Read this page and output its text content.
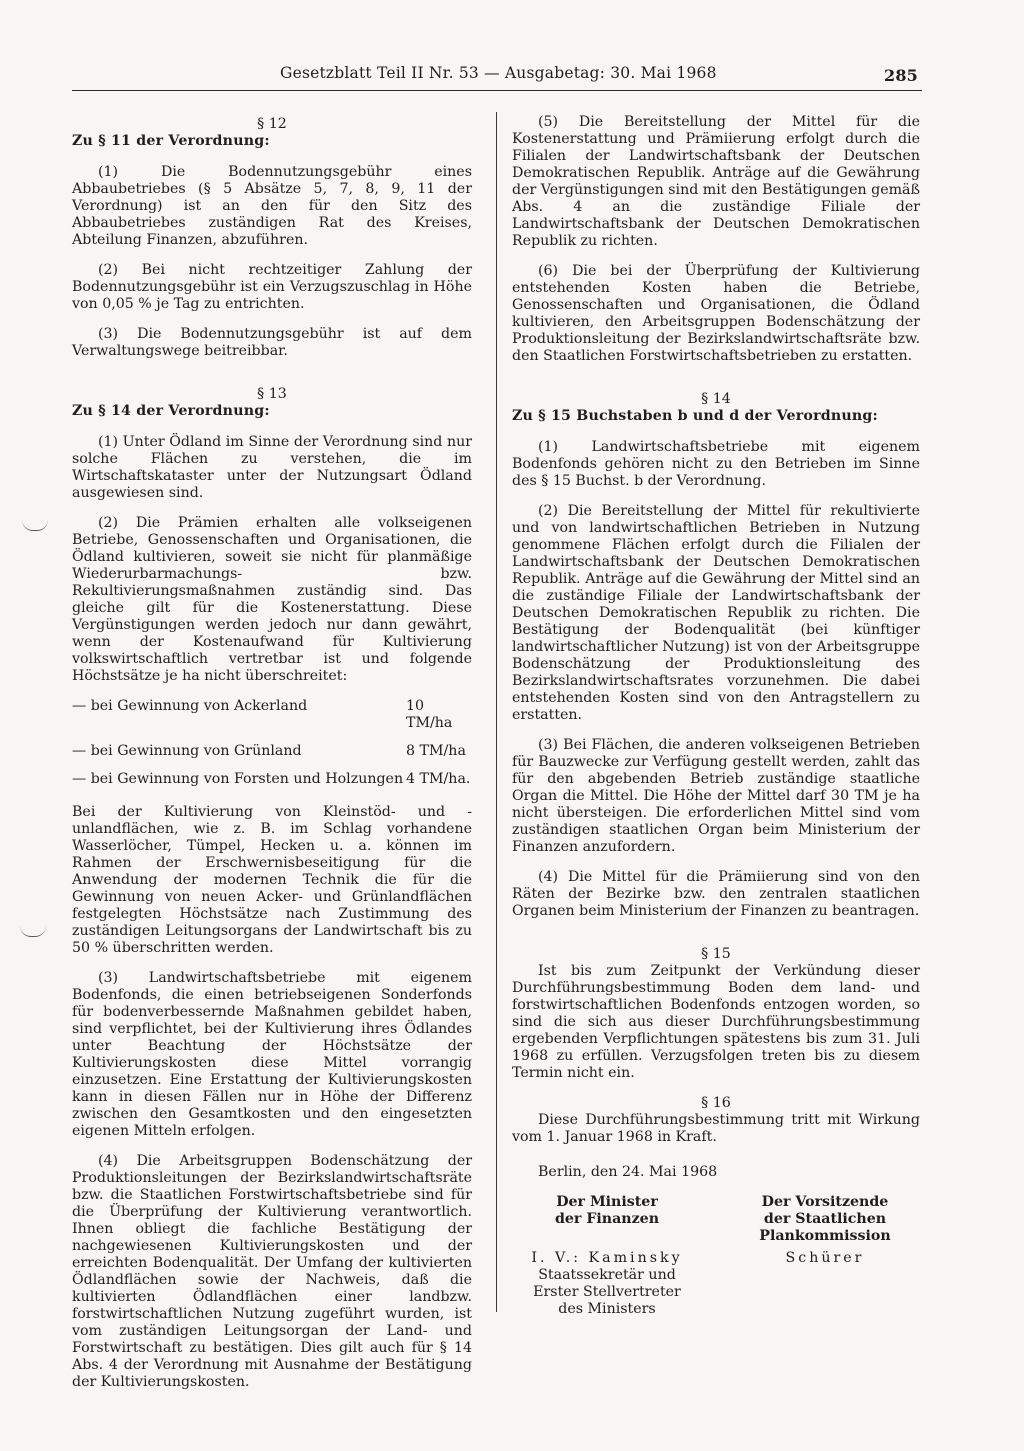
Gesetzblatt Teil II Nr. 53 — Ausgabetag: 30. Mai 1968	285
§ 12
Zu § 11 der Verordnung:

(1) Die Bodennutzungsgebühr eines Abbaubetriebes (§ 5 Absätze 5, 7, 8, 9, 11 der Verordnung) ist an den für den Sitz des Abbaubetriebes zuständigen Rat des Kreises, Abteilung Finanzen, abzuführen.

(2) Bei nicht rechtzeitiger Zahlung der Bodennutzungsgebühr ist ein Verzugszuschlag in Höhe von 0,05 % je Tag zu entrichten.

(3) Die Bodennutzungsgebühr ist auf dem Verwaltungswege beitreibbar.

§ 13
Zu § 14 der Verordnung:

(1) Unter Ödland im Sinne der Verordnung sind nur solche Flächen zu verstehen, die im Wirtschaftskataster unter der Nutzungsart Ödland ausgewiesen sind.

(2) Die Prämien erhalten alle volkseigenen Betriebe, Genossenschaften und Organisationen, die Ödland kultivieren, soweit sie nicht für planmäßige Wiederurbarmachungs- bzw. Rekultivierungsmaßnahmen zuständig sind. Das gleiche gilt für die Kostenerstattung. Diese Vergünstigungen werden jedoch nur dann gewährt, wenn der Kostenaufwand für Kultivierung volkswirtschaftlich vertretbar ist und folgende Höchstsätze je ha nicht überschreitet:

— bei Gewinnung von Ackerland	10 TM/ha
— bei Gewinnung von Grünland	8 TM/ha
— bei Gewinnung von Forsten und Holzungen 4 TM/ha.

Bei der Kultivierung von Kleinstöd- und -unlandflächen, wie z. B. im Schlag vorhandene Wasserlöcher, Tümpel, Hecken u. a. können im Rahmen der Erschwernisbeseitigung für die Anwendung der modernen Technik die für die Gewinnung von neuen Acker- und Grünlandflächen festgelegten Höchstsätze nach Zustimmung des zuständigen Leitungsorgans der Landwirtschaft bis zu 50 % überschritten werden.

(3) Landwirtschaftsbetriebe mit eigenem Bodenfonds, die einen betriebseigenen Sonderfonds für bodenverbessernde Maßnahmen gebildet haben, sind verpflichtet, bei der Kultivierung ihres Ödlandes unter Beachtung der Höchstsätze der Kultivierungskosten diese Mittel vorrangig einzusetzen. Eine Erstattung der Kultivierungskosten kann in diesen Fällen nur in Höhe der Differenz zwischen den Gesamtkosten und den eingesetzten eigenen Mitteln erfolgen.

(4) Die Arbeitsgruppen Bodenschätzung der Produktionsleitungen der Bezirkslandwirtschaftsräte bzw. die Staatlichen Forstwirtschaftsbetriebe sind für die Überprüfung der Kultivierung verantwortlich. Ihnen obliegt die fachliche Bestätigung der nachgewiesenen Kultivierungskosten und der erreichten Bodenqualität. Der Umfang der kultivierten Ödlandflächen sowie der Nachweis, daß die kultivierten Ödlandflächen einer landbzw. forstwirtschaftlichen Nutzung zugeführt wurden, ist vom zuständigen Leitungsorgan der Land- und Forstwirtschaft zu bestätigen. Dies gilt auch für § 14 Abs. 4 der Verordnung mit Ausnahme der Bestätigung der Kultivierungskosten.

(5) Die Bereitstellung der Mittel für die Kostenerstattung und Prämiierung erfolgt durch die Filialen der Landwirtschaftsbank der Deutschen Demokratischen Republik. Anträge auf die Gewährung der Vergünstigungen sind mit den Bestätigungen gemäß Abs. 4 an die zuständige Filiale der Landwirtschaftsbank der Deutschen Demokratischen Republik zu richten.

(6) Die bei der Überprüfung der Kultivierung entstehenden Kosten haben die Betriebe, Genossenschaften und Organisationen, die Ödland kultivieren, den Arbeitsgruppen Bodenschätzung der Produktionsleitung der Bezirkslandwirtschaftsräte bzw. den Staatlichen Forstwirtschaftsbetrieben zu erstatten.

§ 14
Zu § 15 Buchstaben b und d der Verordnung:

(1) Landwirtschaftsbetriebe mit eigenem Bodenfonds gehören nicht zu den Betrieben im Sinne des § 15 Buchst. b der Verordnung.

(2) Die Bereitstellung der Mittel für rekultivierte und von landwirtschaftlichen Betrieben in Nutzung genommene Flächen erfolgt durch die Filialen der Landwirtschaftsbank der Deutschen Demokratischen Republik. Anträge auf die Gewährung der Mittel sind an die zuständige Filiale der Landwirtschaftsbank der Deutschen Demokratischen Republik zu richten. Die Bestätigung der Bodenqualität (bei künftiger landwirtschaftlicher Nutzung) ist von der Arbeitsgruppe Bodenschätzung der Produktionsleitung des Bezirkslandwirtschaftsrates vorzunehmen. Die dabei entstehenden Kosten sind von den Antragstellern zu erstatten.

(3) Bei Flächen, die anderen volkseigenen Betrieben für Bauzwecke zur Verfügung gestellt werden, zahlt das für den abgebenden Betrieb zuständige staatliche Organ die Mittel. Die Höhe der Mittel darf 30 TM je ha nicht übersteigen. Die erforderlichen Mittel sind vom zuständigen staatlichen Organ beim Ministerium der Finanzen anzufordern.

(4) Die Mittel für die Prämiierung sind von den Räten der Bezirke bzw. den zentralen staatlichen Organen beim Ministerium der Finanzen zu beantragen.

§ 15

Ist bis zum Zeitpunkt der Verkündung dieser Durchführungsbestimmung Boden dem land- und forstwirtschaftlichen Bodenfonds entzogen worden, so sind die sich aus dieser Durchführungsbestimmung ergebenden Verpflichtungen spätestens bis zum 31. Juli 1968 zu erfüllen. Verzugsfolgen treten bis zu diesem Termin nicht ein.

§ 16

Diese Durchführungsbestimmung tritt mit Wirkung vom 1. Januar 1968 in Kraft.

Berlin, den 24. Mai 1968

Der Minister
der Finanzen
I. V.: Kaminsky
Staatssekretär und
Erster Stellvertreter
des Ministers
Der Vorsitzende
der Staatlichen
Plankommission
Schürer
